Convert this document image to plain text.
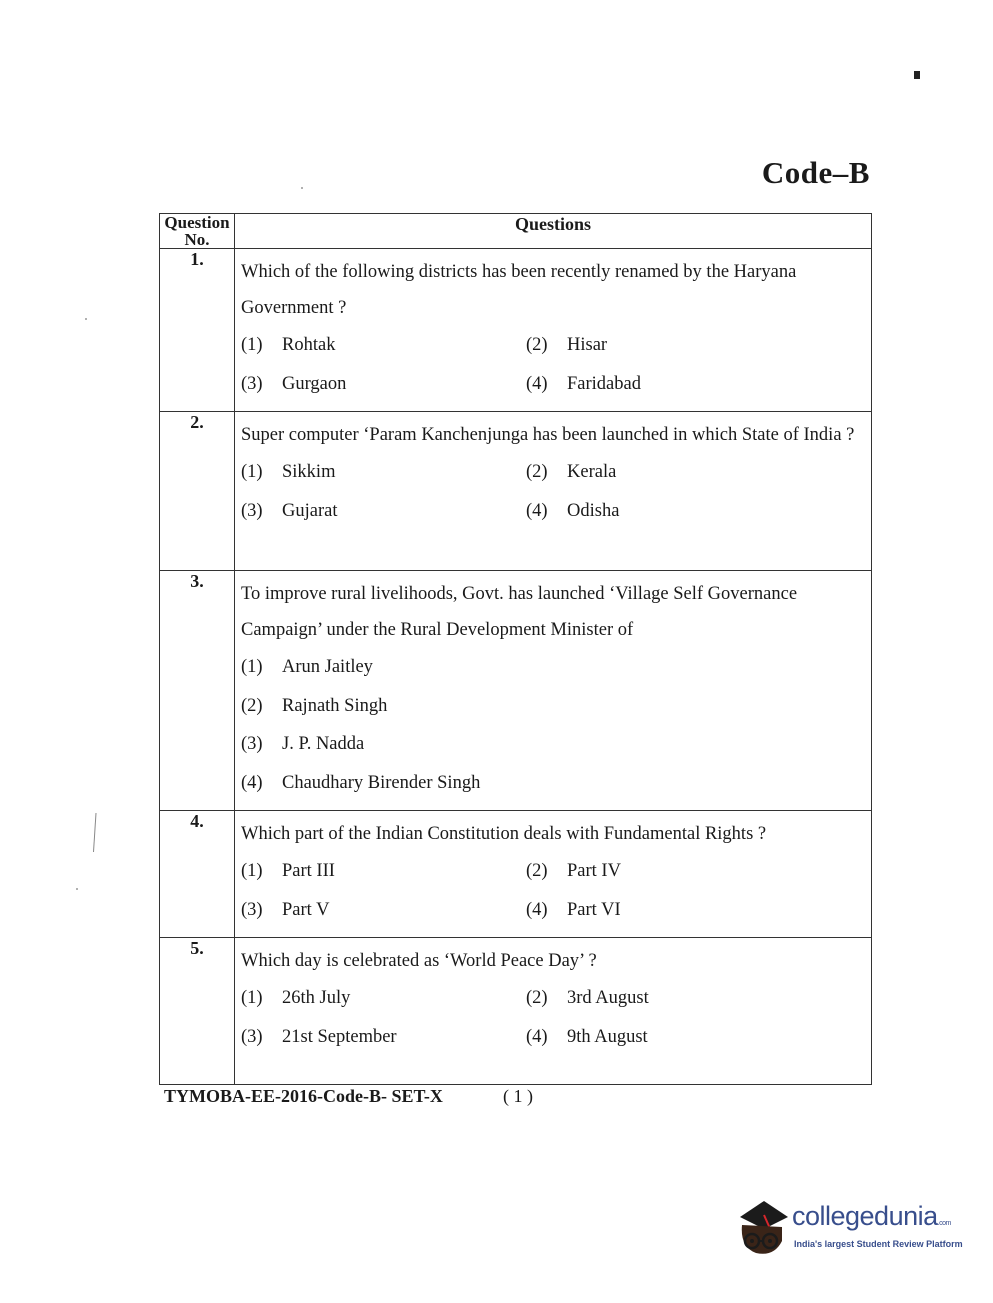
Code–B
Question No.	Questions
1.	Which of the following districts has been recently renamed by the Haryana Government ?
(1) Rohtak (2) Hisar
(3) Gurgaon (4) Faridabad

2.	Super computer ‘Param Kanchenjunga has been launched in which State of India ?
(1) Sikkim (2) Kerala
(3) Gujarat (4) Odisha

3.	To improve rural livelihoods, Govt. has launched ‘Village Self Governance Campaign’ under the Rural Development Minister of
(1) Arun Jaitley
(2) Rajnath Singh
(3) J. P. Nadda
(4) Chaudhary Birender Singh

4.	Which part of the Indian Constitution deals with Fundamental Rights ?
(1) Part III (2) Part IV
(3) Part V (4) Part VI

5.	Which day is celebrated as ‘World Peace Day’ ?
(1) 26th July (2) 3rd August
(3) 21st September (4) 9th August
TYMOBA-EE-2016-Code-B- SET-X	( 1 )
collegedunia.com
India's largest Student Review Platform
